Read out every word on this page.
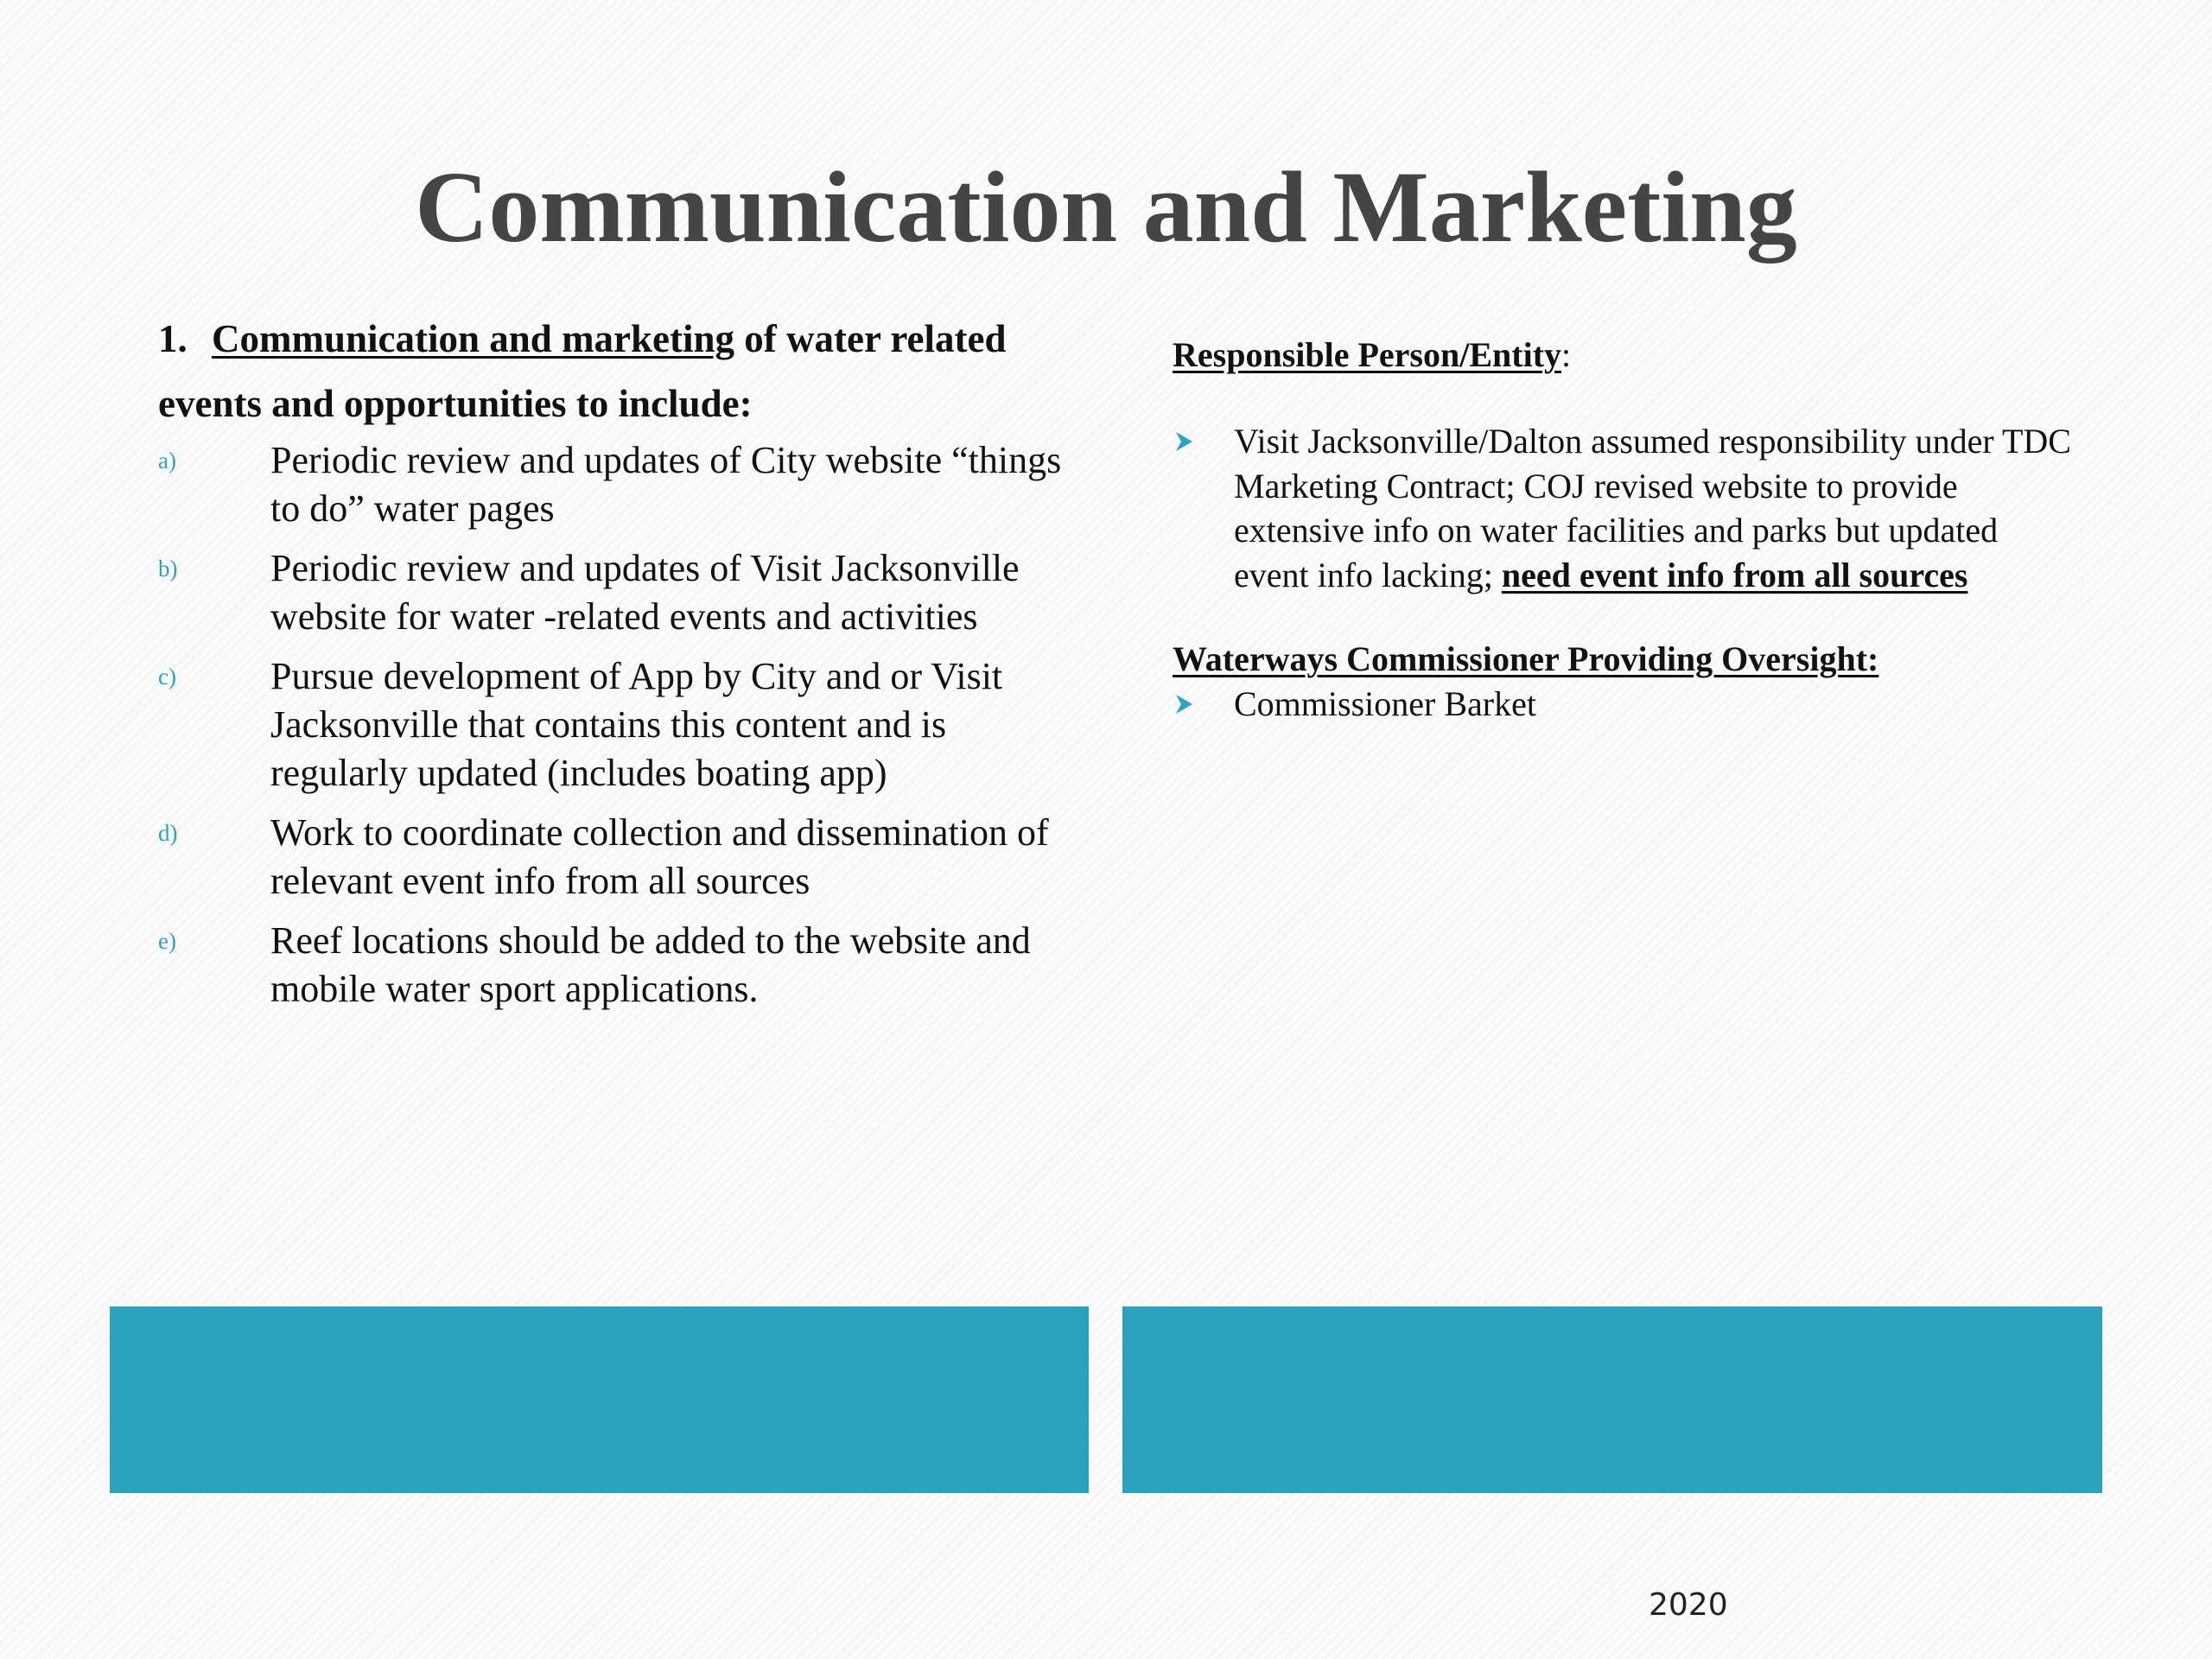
Communication and Marketing
1. Communication and marketing of water related
events and opportunities to include:
a) Periodic review and updates of City website “things to do” water pages
b) Periodic review and updates of Visit Jacksonville website for water -related events and activities
c) Pursue development of App by City and or Visit Jacksonville that contains this content and is regularly updated (includes boating app)
d) Work to coordinate collection and dissemination of relevant event info from all sources
e) Reef locations should be added to the website and mobile water sport applications.
Responsible Person/Entity:
Visit Jacksonville/Dalton assumed responsibility under TDC Marketing Contract; COJ revised website to provide extensive info on water facilities and parks but updated event info lacking; need event info from all sources
Waterways Commissioner Providing Oversight:
Commissioner Barket
2020
